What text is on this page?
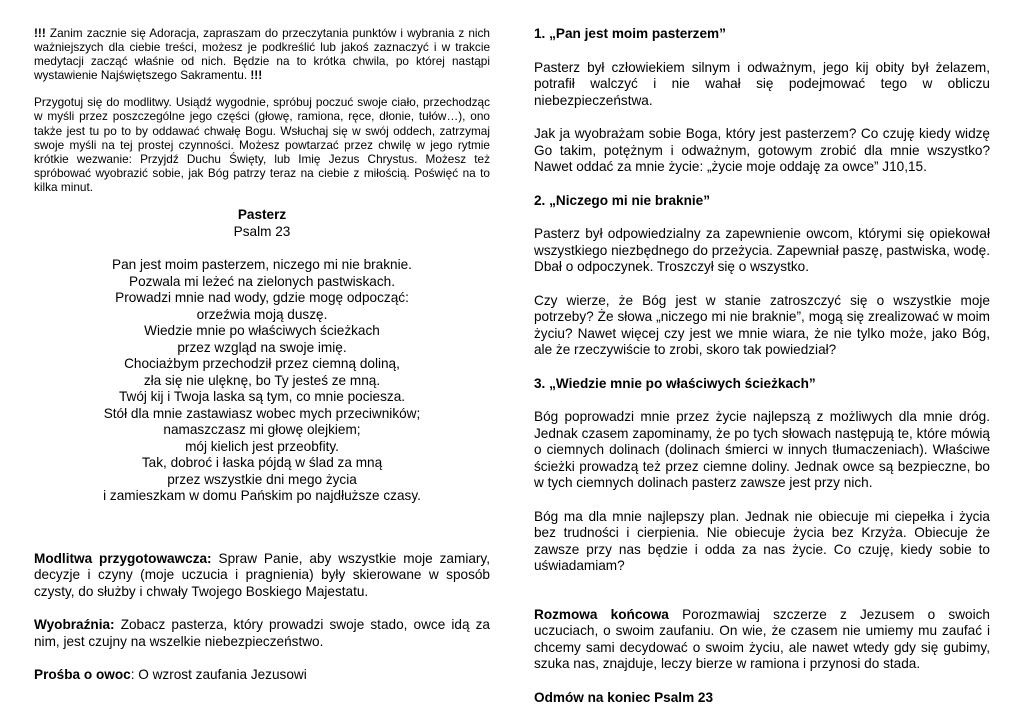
!!! Zanim zacznie się Adoracja, zapraszam do przeczytania punktów i wybrania z nich ważniejszych dla ciebie treści, możesz je podkreślić lub jakoś zaznaczyć i w trakcie medytacji zacząć właśnie od nich. Będzie na to krótka chwila, po której nastąpi wystawienie Najświętszego Sakramentu. !!!

Przygotuj się do modlitwy. Usiądź wygodnie, spróbuj poczuć swoje ciało, przechodząc w myśli przez poszczególne jego części (głowę, ramiona, ręce, dłonie, tułów…), ono także jest tu po to by oddawać chwałę Bogu. Wsłuchaj się w swój oddech, zatrzymaj swoje myśli na tej prostej czynności. Możesz powtarzać przez chwilę w jego rytmie krótkie wezwanie: Przyjdź Duchu Święty, lub Imię Jezus Chrystus. Możesz też spróbować wyobrazić sobie, jak Bóg patrzy teraz na ciebie z miłością. Poświęć na to kilka minut.

Pasterz

Psalm 23

Pan jest moim pasterzem, niczego mi nie braknie.
Pozwala mi leżeć na zielonych pastwiskach.
Prowadzi mnie nad wody, gdzie mogę odpocząć:
orzeźwia moją duszę.
Wiedzie mnie po właściwych ścieżkach
przez wzgląd na swoje imię.
Chociażbym przechodził przez ciemną doliną,
zła się nie ulęknę, bo Ty jesteś ze mną.
Twój kij i Twoja laska są tym, co mnie pociesza.
Stół dla mnie zastawiasz wobec mych przeciwników;
namaszczasz mi głowę olejkiem;
mój kielich jest przeobfity.
Tak, dobroć i łaska pójdą w ślad za mną
przez wszystkie dni mego życia
i zamieszkam w domu Pańskim po najdłuższe czasy.

Modlitwa przygotowawcza: Spraw Panie, aby wszystkie moje zamiary, decyzje i czyny (moje uczucia i pragnienia) były skierowane w sposób czysty, do służby i chwały Twojego Boskiego Majestatu.

Wyobraźnia: Zobacz pasterza, który prowadzi swoje stado, owce idą za nim, jest czujny na wszelkie niebezpieczeństwo.

Prośba o owoc: O wzrost zaufania Jezusowi

1. „Pan jest moim pasterzem”

Pasterz był człowiekiem silnym i odważnym, jego kij obity był żelazem, potrafił walczyć i nie wahał się podejmować tego w obliczu niebezpieczeństwa.

Jak ja wyobrażam sobie Boga, który jest pasterzem? Co czuję kiedy widzę Go takim, potężnym i odważnym, gotowym zrobić dla mnie wszystko? Nawet oddać za mnie życie: „życie moje oddaję za owce” J10,15.

2. „Niczego mi nie braknie”

Pasterz był odpowiedzialny za zapewnienie owcom, którymi się opiekował wszystkiego niezbędnego do przeżycia. Zapewniał paszę, pastwiska, wodę. Dbał o odpoczynek. Troszczył się o wszystko.

Czy wierze, że Bóg jest w stanie zatroszczyć się o wszystkie moje potrzeby? Że słowa „niczego mi nie braknie”, mogą się zrealizować w moim życiu? Nawet więcej czy jest we mnie wiara, że nie tylko może, jako Bóg, ale że rzeczywiście to zrobi, skoro tak powiedział?

3. „Wiedzie mnie po właściwych ścieżkach”

Bóg poprowadzi mnie przez życie najlepszą z możliwych dla mnie dróg. Jednak czasem zapominamy, że po tych słowach następują te, które mówią o ciemnych dolinach (dolinach śmierci w innych tłumaczeniach). Właściwe ścieżki prowadzą też przez ciemne doliny. Jednak owce są bezpieczne, bo w tych ciemnych dolinach pasterz zawsze jest przy nich.

Bóg ma dla mnie najlepszy plan. Jednak nie obiecuje mi ciepełka i życia bez trudności i cierpienia. Nie obiecuje życia bez Krzyża. Obiecuje że zawsze przy nas będzie i odda za nas życie. Co czuję, kiedy sobie to uświadamiam?

Rozmowa końcowa Porozmawiaj szczerze z Jezusem o swoich uczuciach, o swoim zaufaniu. On wie, że czasem nie umiemy mu zaufać i chcemy sami decydować o swoim życiu, ale nawet wtedy gdy się gubimy, szuka nas, znajduje, leczy bierze w ramiona i przynosi do stada.

Odmów na koniec Psalm 23
